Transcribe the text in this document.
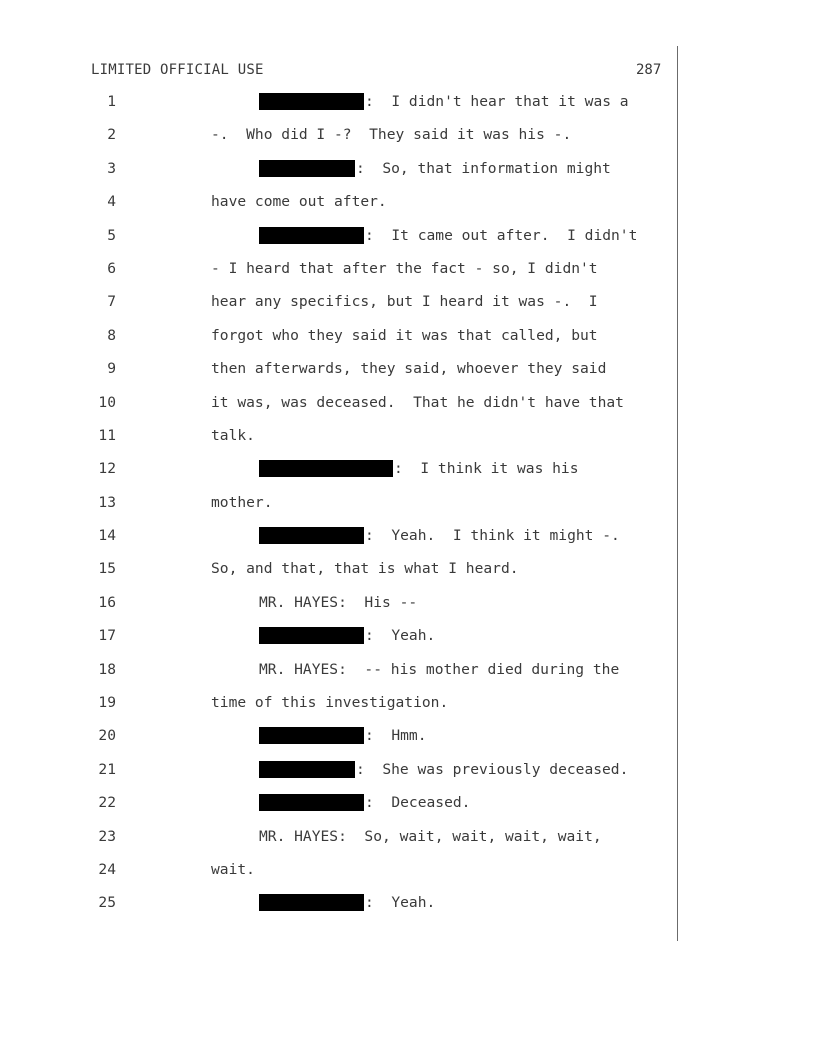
LIMITED OFFICIAL USE	287
1	:  I didn't hear that it was a
2	-.  Who did I -?  They said it was his -.
3	:  So, that information might
4	have come out after.
5	:  It came out after.  I didn't
6	- I heard that after the fact - so, I didn't
7	hear any specifics, but I heard it was -.  I
8	forgot who they said it was that called, but
9	then afterwards, they said, whoever they said
10	it was, was deceased.  That he didn't have that
11	talk.
12	:  I think it was his
13	mother.
14	:  Yeah.  I think it might -.
15	So, and that, that is what I heard.
16	MR. HAYES:  His --
17	:  Yeah.
18	MR. HAYES:  -- his mother died during the
19	time of this investigation.
20	:  Hmm.
21	:  She was previously deceased.
22	:  Deceased.
23	MR. HAYES:  So, wait, wait, wait, wait,
24	wait.
25	:  Yeah.
